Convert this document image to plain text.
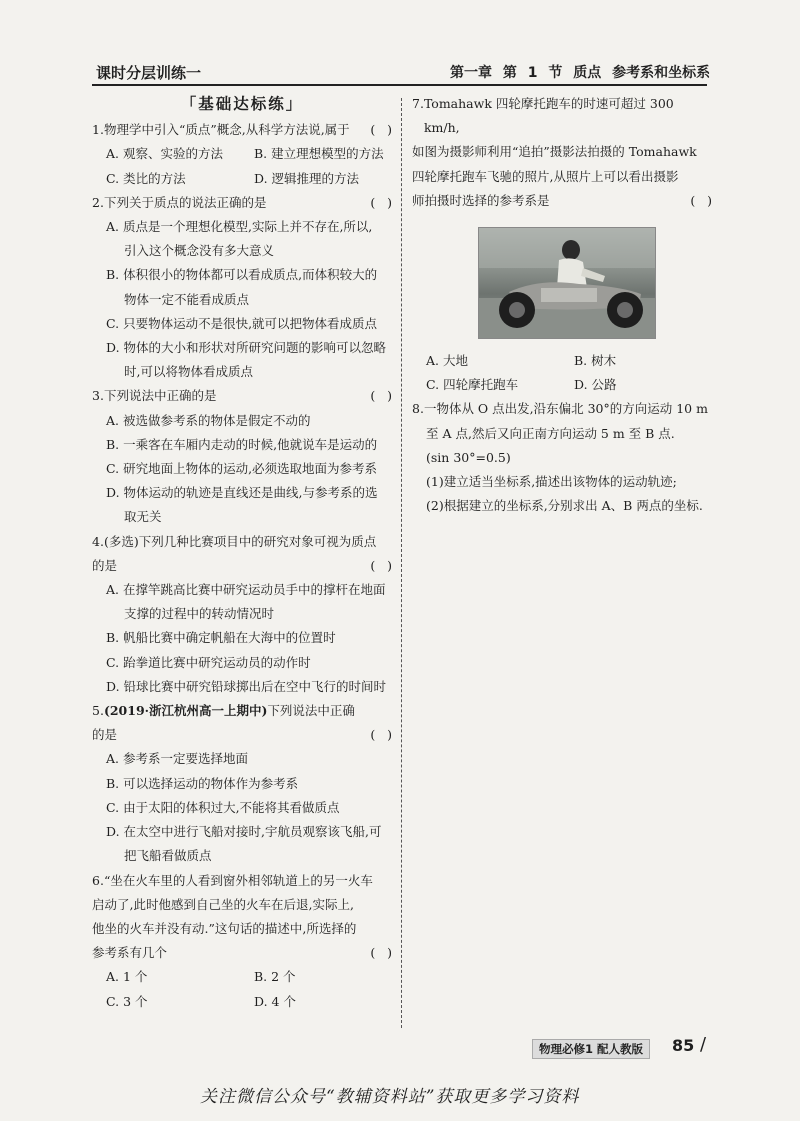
课时分层训练一	第一章 第 1 节 质点 参考系和坐标系
「基础达标练」
1. 物理学中引入“质点”概念,从科学方法说,属于	(   )
A. 观察、实验的方法	B. 建立理想模型的方法
C. 类比的方法	D. 逻辑推理的方法
2. 下列关于质点的说法正确的是	(   )
A. 质点是一个理想化模型,实际上并不存在,所以,
引入这个概念没有多大意义
B. 体积很小的物体都可以看成质点,而体积较大的
物体一定不能看成质点
C. 只要物体运动不是很快,就可以把物体看成质点
D. 物体的大小和形状对所研究问题的影响可以忽略
时,可以将物体看成质点
3. 下列说法中正确的是	(   )
A. 被选做参考系的物体是假定不动的
B. 一乘客在车厢内走动的时候,他就说车是运动的
C. 研究地面上物体的运动,必须选取地面为参考系
D. 物体运动的轨迹是直线还是曲线,与参考系的选
取无关
4. (多选)下列几种比赛项目中的研究对象可视为质点
的是	(   )
A. 在撑竿跳高比赛中研究运动员手中的撑杆在地面
支撑的过程中的转动情况时
B. 帆船比赛中确定帆船在大海中的位置时
C. 跆拳道比赛中研究运动员的动作时
D. 铅球比赛中研究铅球掷出后在空中飞行的时间时
5. (2019·浙江杭州高一上期中)下列说法中正确
的是	(   )
A. 参考系一定要选择地面
B. 可以选择运动的物体作为参考系
C. 由于太阳的体积过大,不能将其看做质点
D. 在太空中进行飞船对接时,宇航员观察该飞船,可
把飞船看做质点
6. “坐在火车里的人看到窗外相邻轨道上的另一火车
启动了,此时他感到自己坐的火车在后退,实际上,
他坐的火车并没有动.”这句话的描述中,所选择的
参考系有几个	(   )
A. 1 个	B. 2 个
C. 3 个	D. 4 个
7. Tomahawk 四轮摩托跑车的时速可超过 300 km/h,
如图为摄影师利用“追拍”摄影法拍摄的 Tomahawk
四轮摩托跑车飞驰的照片,从照片上可以看出摄影
师拍摄时选择的参考系是	(   )
A. 大地	B. 树木
C. 四轮摩托跑车	D. 公路
8. 一物体从 O 点出发,沿东偏北 30°的方向运动 10 m
至 A 点,然后又向正南方向运动 5 m 至 B 点.
(sin 30°=0.5)
(1)建立适当坐标系,描述出该物体的运动轨迹;
(2)根据建立的坐标系,分别求出 A、B 两点的坐标.
物理必修1 配人教版	85 /
关注微信公众号“教辅资料站”获取更多学习资料
